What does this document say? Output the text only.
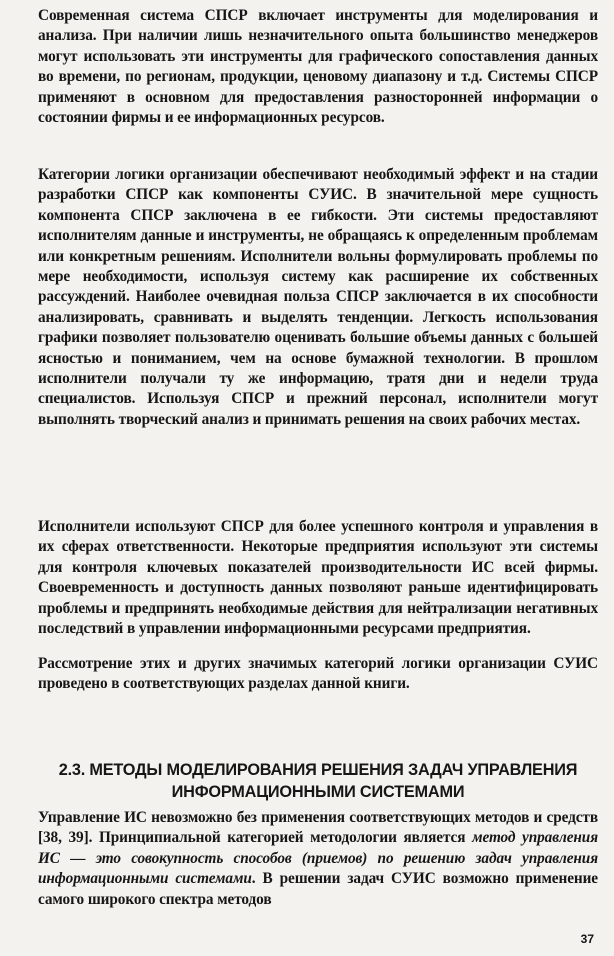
Современная система СПСР включает инструменты для моделирования и анализа. При наличии лишь незначительного опыта большинство менеджеров могут использовать эти инструменты для графического сопоставления данных во времени, по регионам, продукции, ценовому диапазону и т.д. Системы СПСР применяют в основном для предоставления разносторонней информации о состоянии фирмы и ее информационных ресурсов.

Категории логики организации обеспечивают необходимый эффект и на стадии разработки СПСР как компоненты СУИС. В значительной мере сущность компонента СПСР заключена в ее гибкости. Эти системы предоставляют исполнителям данные и инструменты, не обращаясь к определенным проблемам или конкретным решениям. Исполнители вольны формулировать проблемы по мере необходимости, используя систему как расширение их собственных рассуждений. Наиболее очевидная польза СПСР заключается в их способности анализировать, сравнивать и выделять тенденции. Легкость использования графики позволяет пользователю оценивать большие объемы данных с большей ясностью и пониманием, чем на основе бумажной технологии. В прошлом исполнители получали ту же информацию, тратя дни и недели труда специалистов. Используя СПСР и прежний персонал, исполнители могут выполнять творческий анализ и принимать решения на своих рабочих местах.

Исполнители используют СПСР для более успешного контроля и управления в их сферах ответственности. Некоторые предприятия используют эти системы для контроля ключевых показателей производительности ИС всей фирмы. Своевременность и доступность данных позволяют раньше идентифицировать проблемы и предпринять необходимые действия для нейтрализации негативных последствий в управлении информационными ресурсами предприятия.

Рассмотрение этих и других значимых категорий логики организации СУИС проведено в соответствующих разделах данной книги.

2.3. МЕТОДЫ МОДЕЛИРОВАНИЯ РЕШЕНИЯ ЗАДАЧ УПРАВЛЕНИЯ ИНФОРМАЦИОННЫМИ СИСТЕМАМИ

Управление ИС невозможно без применения соответствующих методов и средств [38, 39]. Принципиальной категорией методологии является метод управления ИС — это совокупность способов (приемов) по решению задач управления информационными системами. В решении задач СУИС возможно применение самого широкого спектра методов

37
